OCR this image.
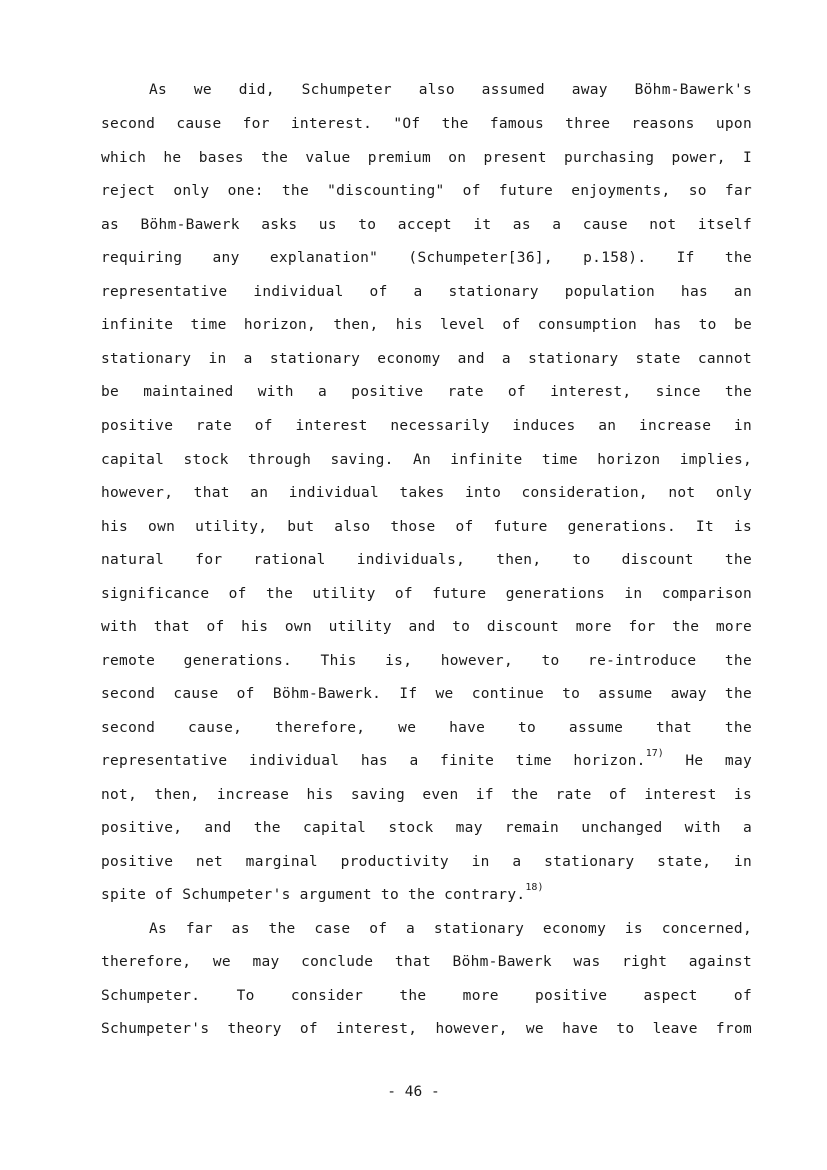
As we did, Schumpeter also assumed away Böhm-Bawerk's
second cause for interest. "Of the famous three reasons upon
which he bases the value premium on present purchasing power, I
reject only one: the "discounting" of future enjoyments, so far
as Böhm-Bawerk asks us to accept it as a cause not itself
requiring any explanation" (Schumpeter[36], p.158). If the
representative individual of a stationary population has an
infinite time horizon, then, his level of consumption has to be
stationary in a stationary economy and a stationary state cannot
be maintained with a positive rate of interest, since the
positive rate of interest necessarily induces an increase in
capital stock through saving. An infinite time horizon implies,
however, that an individual takes into consideration, not only
his own utility, but also those of future generations. It is
natural for rational individuals, then, to discount the
significance of the utility of future generations in comparison
with that of his own utility and to discount more for the more
remote generations. This is, however, to re-introduce the
second cause of Böhm-Bawerk. If we continue to assume away the
second cause, therefore, we have to assume that the
representative individual has a finite time horizon.$^{17)}$ He may
not, then, increase his saving even if the rate of interest is
positive, and the capital stock may remain unchanged with a
positive net marginal productivity in a stationary state, in
spite of Schumpeter's argument to the contrary.$^{18)}$
As far as the case of a stationary economy is concerned,
therefore, we may conclude that Böhm-Bawerk was right against
Schumpeter. To consider the more positive aspect of
Schumpeter's theory of interest, however, we have to leave from
- 46 -
